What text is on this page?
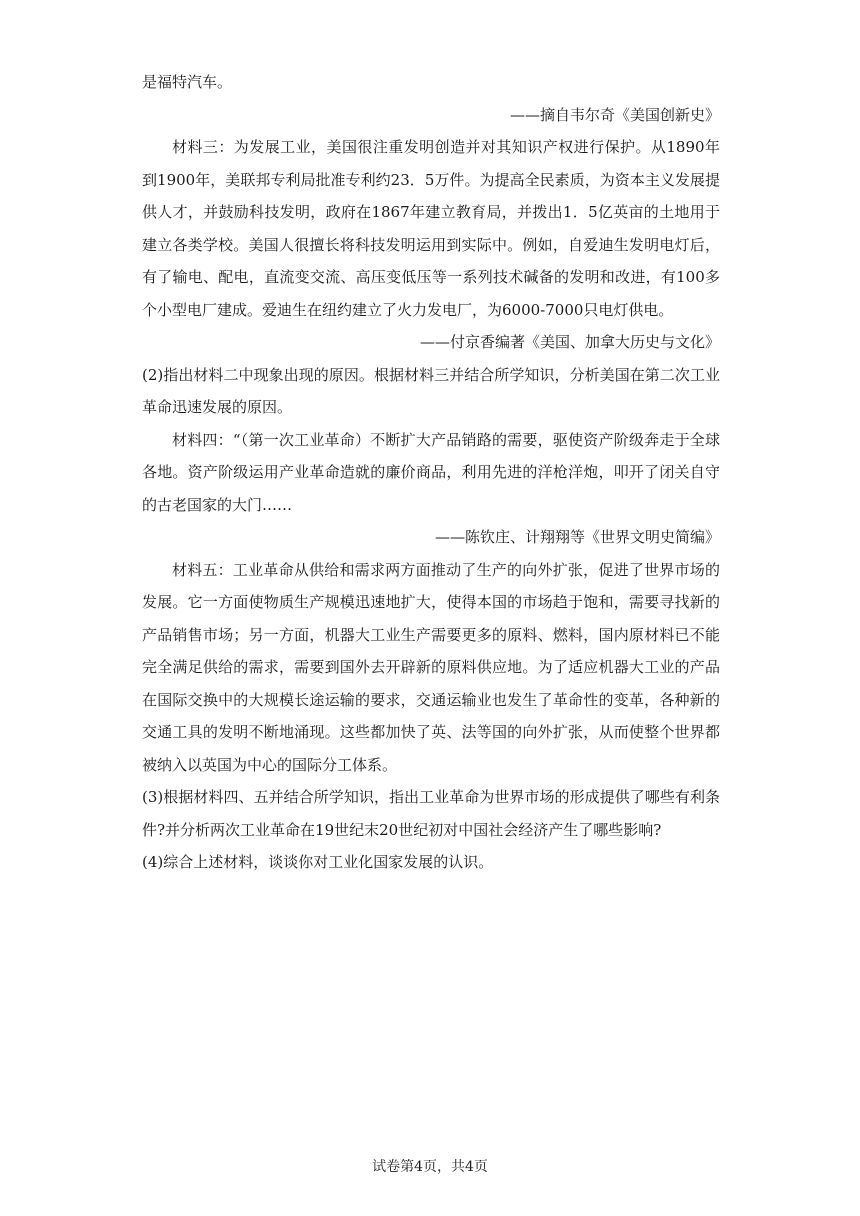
是福特汽车。

——摘自韦尔奇《美国创新史》

材料三：为发展工业，美国很注重发明创造并对其知识产权进行保护。从1890年到1900年，美联邦专利局批准专利约23．5万件。为提高全民素质，为资本主义发展提供人才，并鼓励科技发明，政府在1867年建立教育局，并拨出1．5亿英亩的土地用于建立各类学校。美国人很擅长将科技发明运用到实际中。例如，自爱迪生发明电灯后，有了输电、配电，直流变交流、高压变低压等一系列技术碱备的发明和改进，有100多个小型电厂建成。爱迪生在纽约建立了火力发电厂，为6000-7000只电灯供电。

——付京香编著《美国、加拿大历史与文化》

(2)指出材料二中现象出现的原因。根据材料三并结合所学知识，分析美国在第二次工业革命迅速发展的原因。

材料四：“（第一次工业革命）不断扩大产品销路的需要，驱使资产阶级奔走于全球各地。资产阶级运用产业革命造就的廉价商品，利用先进的洋枪洋炮，叩开了闭关自守的古老国家的大门……

——陈钦庄、计翔翔等《世界文明史简编》

材料五：工业革命从供给和需求两方面推动了生产的向外扩张，促进了世界市场的发展。它一方面使物质生产规模迅速地扩大，使得本国的市场趋于饱和，需要寻找新的产品销售市场；另一方面，机器大工业生产需要更多的原料、燃料，国内原材料已不能完全满足供给的需求，需要到国外去开辟新的原料供应地。为了适应机器大工业的产品在国际交换中的大规模长途运输的要求，交通运输业也发生了革命性的变革，各种新的交通工具的发明不断地涌现。这些都加快了英、法等国的向外扩张，从而使整个世界都被纳入以英国为中心的国际分工体系。

(3)根据材料四、五并结合所学知识，指出工业革命为世界市场的形成提供了哪些有利条件?并分析两次工业革命在19世纪末20世纪初对中国社会经济产生了哪些影响?

(4)综合上述材料，谈谈你对工业化国家发展的认识。

试卷第4页，共4页
